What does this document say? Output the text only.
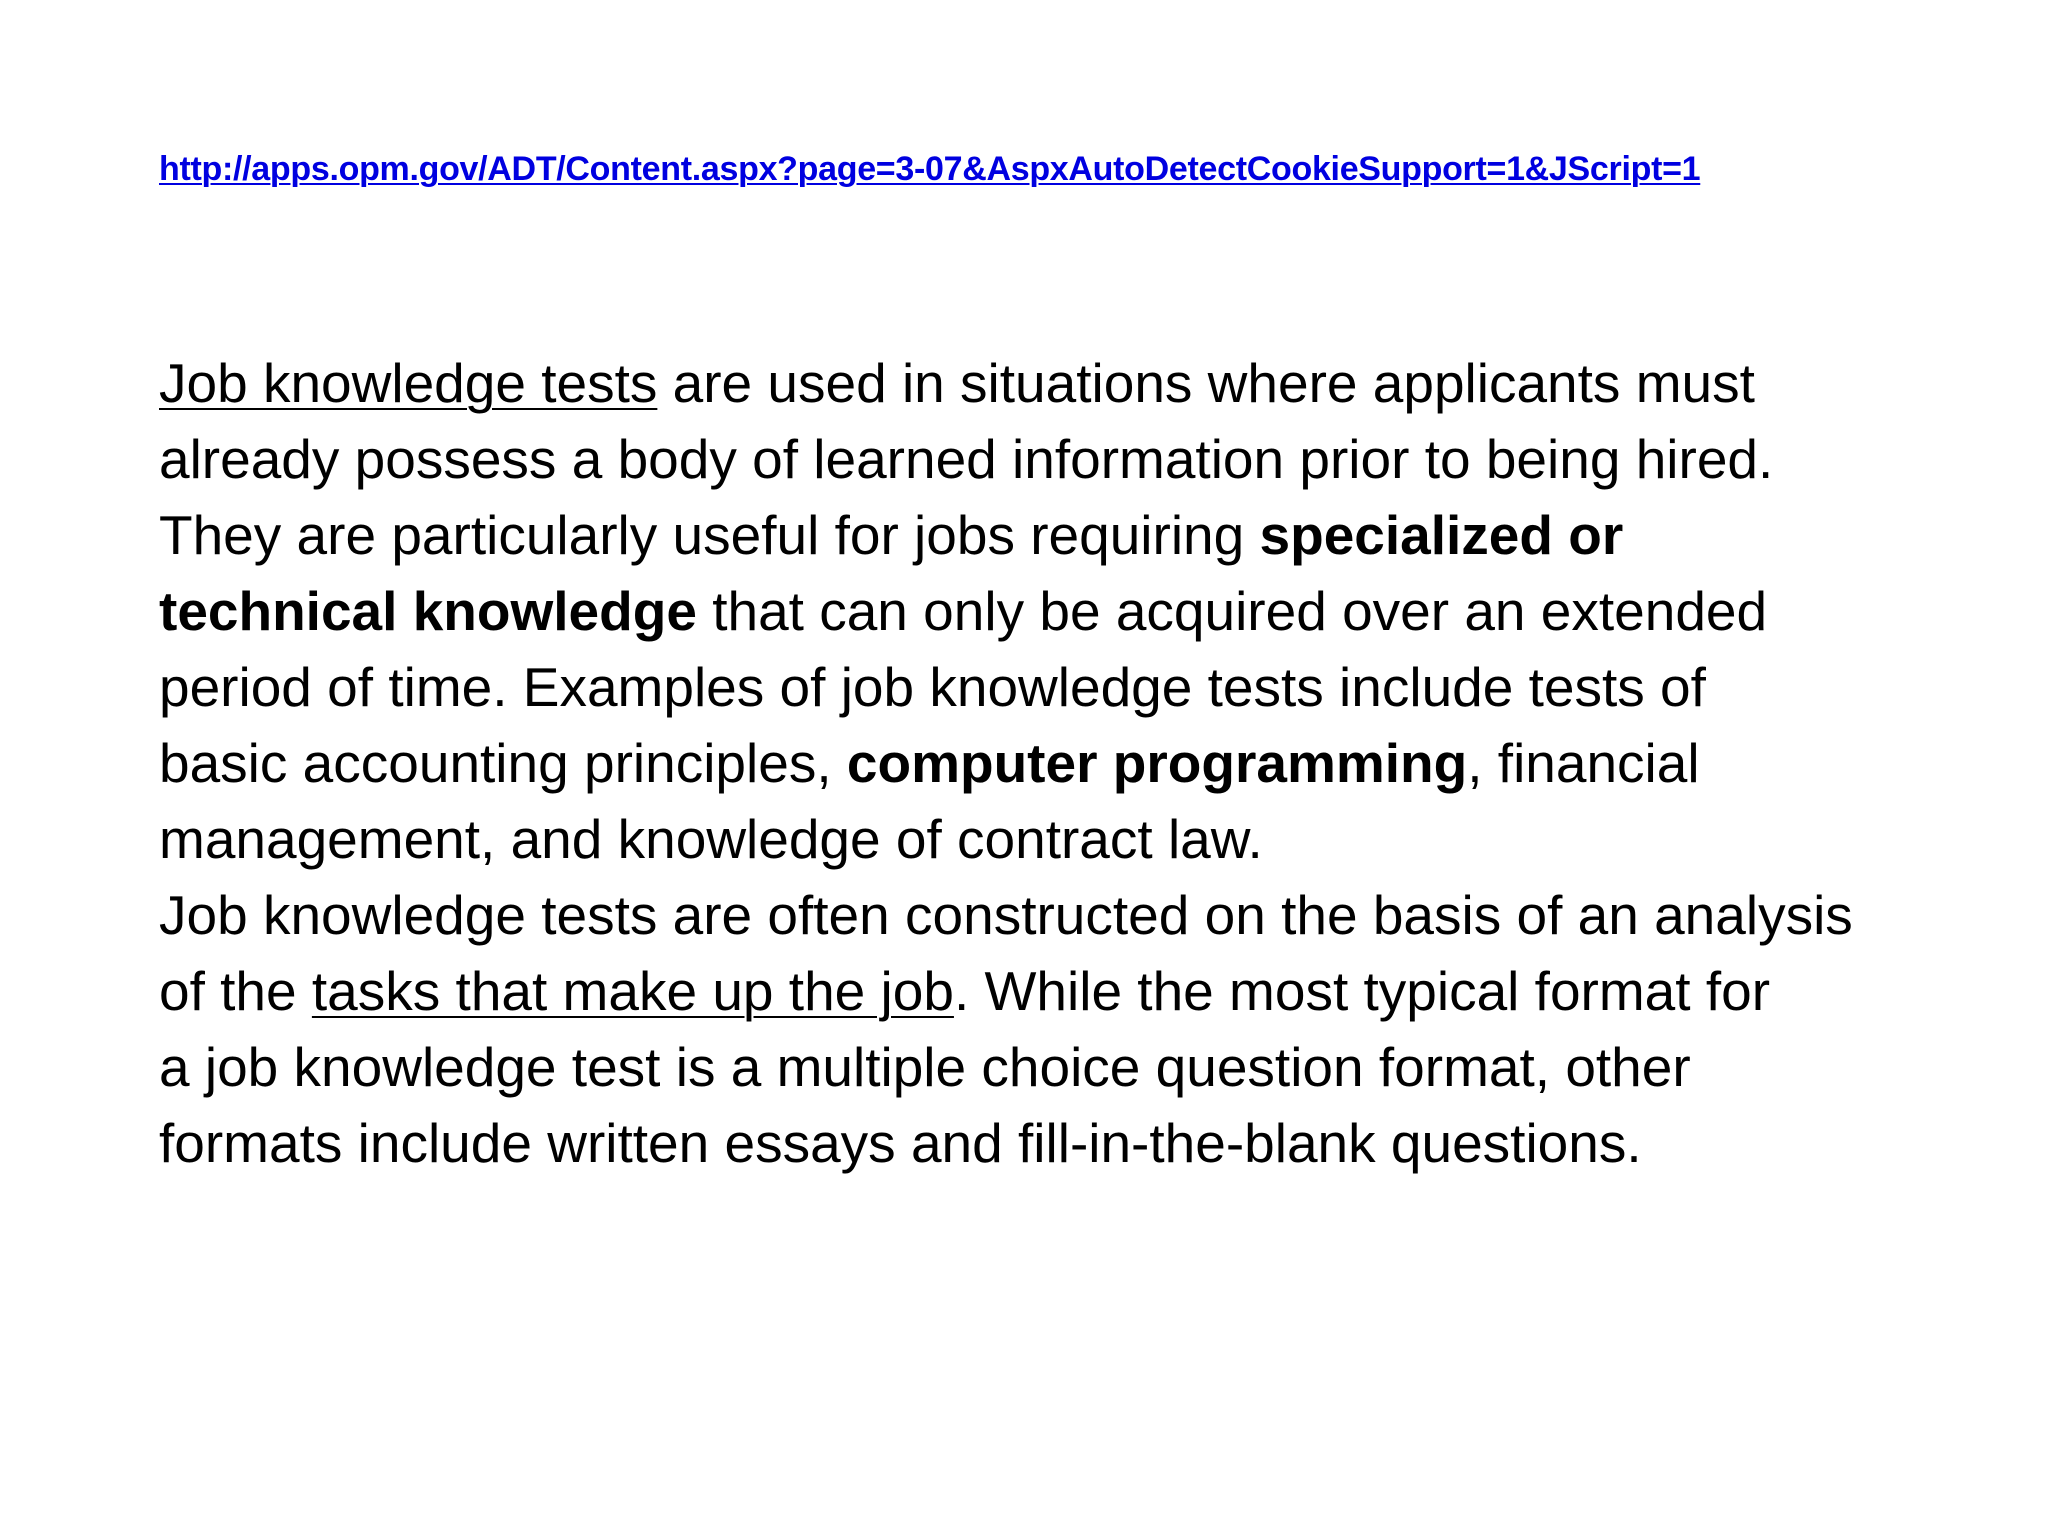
http://apps.opm.gov/ADT/Content.aspx?page=3-07&AspxAutoDetectCookieSupport=1&JScript=1

Job knowledge tests are used in situations where applicants must
already possess a body of learned information prior to being hired.
They are particularly useful for jobs requiring specialized or
technical knowledge that can only be acquired over an extended
period of time. Examples of job knowledge tests include tests of
basic accounting principles, computer programming, financial
management, and knowledge of contract law.

Job knowledge tests are often constructed on the basis of an analysis
of the tasks that make up the job. While the most typical format for
a job knowledge test is a multiple choice question format, other
formats include written essays and fill-in-the-blank questions.
